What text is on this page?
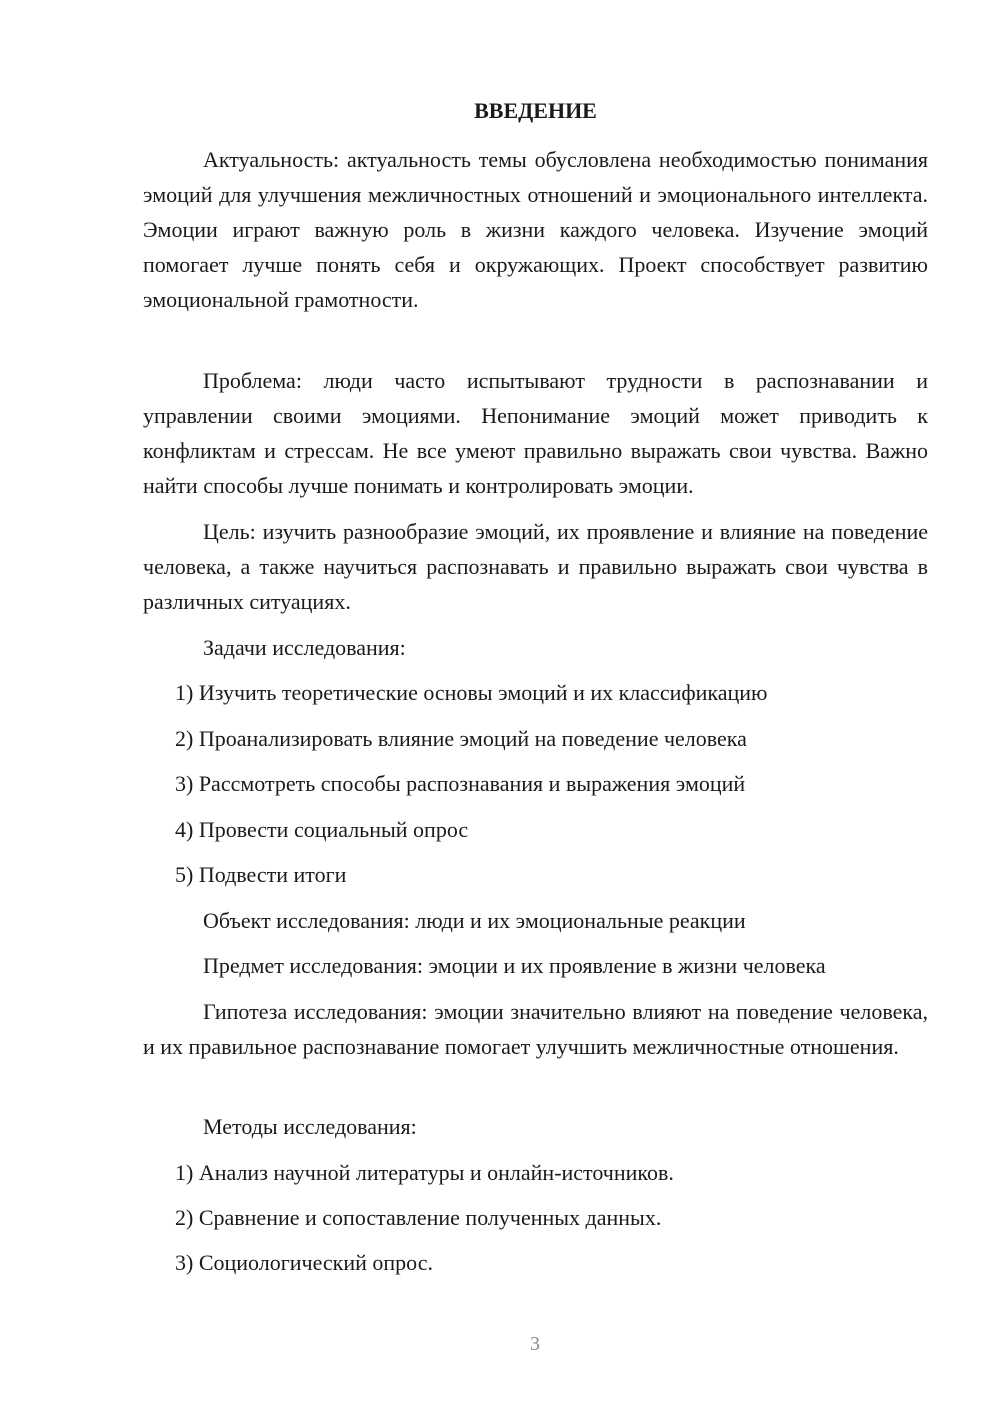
ВВЕДЕНИЕ
Актуальность: актуальность темы обусловлена необходимостью понимания эмоций для улучшения межличностных отношений и эмоционального интеллекта. Эмоции играют важную роль в жизни каждого человека. Изучение эмоций помогает лучше понять себя и окружающих. Проект способствует развитию эмоциональной грамотности.
Проблема: люди часто испытывают трудности в распознавании и управлении своими эмоциями. Непонимание эмоций может приводить к конфликтам и стрессам. Не все умеют правильно выражать свои чувства. Важно найти способы лучше понимать и контролировать эмоции.
Цель: изучить разнообразие эмоций, их проявление и влияние на поведение человека, а также научиться распознавать и правильно выражать свои чувства в различных ситуациях.
Задачи исследования:
1) Изучить теоретические основы эмоций и их классификацию
2) Проанализировать влияние эмоций на поведение человека
3) Рассмотреть способы распознавания и выражения эмоций
4) Провести социальный опрос
5) Подвести итоги
Объект исследования: люди и их эмоциональные реакции
Предмет исследования: эмоции и их проявление в жизни человека
Гипотеза исследования: эмоции значительно влияют на поведение человека, и их правильное распознавание помогает улучшить межличностные отношения.
Методы исследования:
1) Анализ научной литературы и онлайн-источников.
2) Сравнение и сопоставление полученных данных.
3) Социологический опрос.
3
